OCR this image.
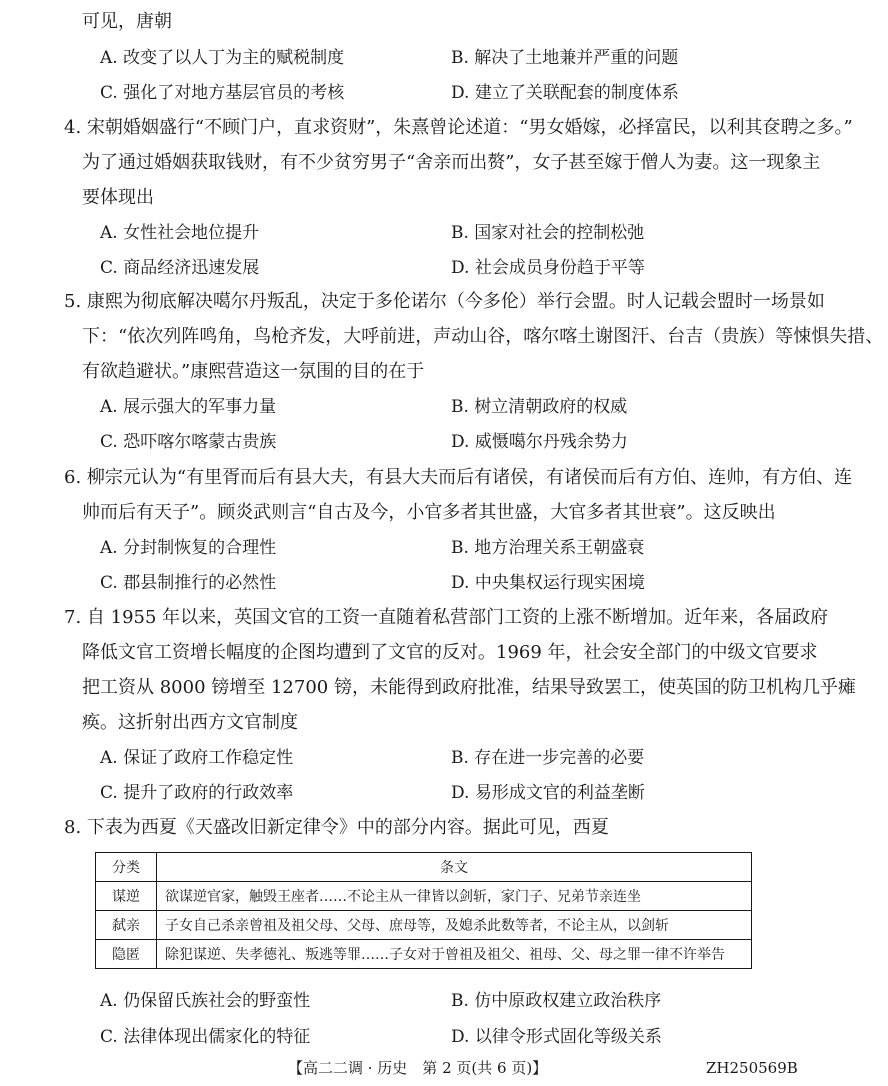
可见，唐朝
A. 改变了以人丁为主的赋税制度	B. 解决了土地兼并严重的问题
C. 强化了对地方基层官员的考核	D. 建立了关联配套的制度体系
4. 宋朝婚姻盛行“不顾门户，直求资财”，朱熹曾论述道：“男女婚嫁，必择富民，以利其奁聘之多。”
为了通过婚姻获取钱财，有不少贫穷男子“舍亲而出赘”，女子甚至嫁于僧人为妻。这一现象主
要体现出
A. 女性社会地位提升	B. 国家对社会的控制松弛
C. 商品经济迅速发展	D. 社会成员身份趋于平等
5. 康熙为彻底解决噶尔丹叛乱，决定于多伦诺尔（今多伦）举行会盟。时人记载会盟时一场景如
下：“依次列阵鸣角，鸟枪齐发，大呼前进，声动山谷，喀尔喀土谢图汗、台吉（贵族）等悚惧失措、
有欲趋避状。”康熙营造这一氛围的目的在于
A. 展示强大的军事力量	B. 树立清朝政府的权威
C. 恐吓喀尔喀蒙古贵族	D. 威慑噶尔丹残余势力
6. 柳宗元认为“有里胥而后有县大夫，有县大夫而后有诸侯，有诸侯而后有方伯、连帅，有方伯、连
帅而后有天子”。顾炎武则言“自古及今，小官多者其世盛，大官多者其世衰”。这反映出
A. 分封制恢复的合理性	B. 地方治理关系王朝盛衰
C. 郡县制推行的必然性	D. 中央集权运行现实困境
7. 自 1955 年以来，英国文官的工资一直随着私营部门工资的上涨不断增加。近年来，各届政府
降低文官工资增长幅度的企图均遭到了文官的反对。1969 年，社会安全部门的中级文官要求
把工资从 8000 镑增至 12700 镑，未能得到政府批准，结果导致罢工，使英国的防卫机构几乎瘫
痪。这折射出西方文官制度
A. 保证了政府工作稳定性	B. 存在进一步完善的必要
C. 提升了政府的行政效率	D. 易形成文官的利益垄断
8. 下表为西夏《天盛改旧新定律令》中的部分内容。据此可见，西夏
分类	条文
谋逆	欲谋逆官家，触毁王座者……不论主从一律皆以剑斩，家门子、兄弟节亲连坐
弑亲	子女自己杀亲曾祖及祖父母、父母、庶母等，及媳杀此数等者，不论主从，以剑斩
隐匿	除犯谋逆、失孝德礼、叛逃等罪……子女对于曾祖及祖父、祖母、父、母之罪一律不许举告
A. 仍保留氏族社会的野蛮性	B. 仿中原政权建立政治秩序
C. 法律体现出儒家化的特征	D. 以律令形式固化等级关系
【高二二调 · 历史　第 2 页(共 6 页)】	ZH250569B
